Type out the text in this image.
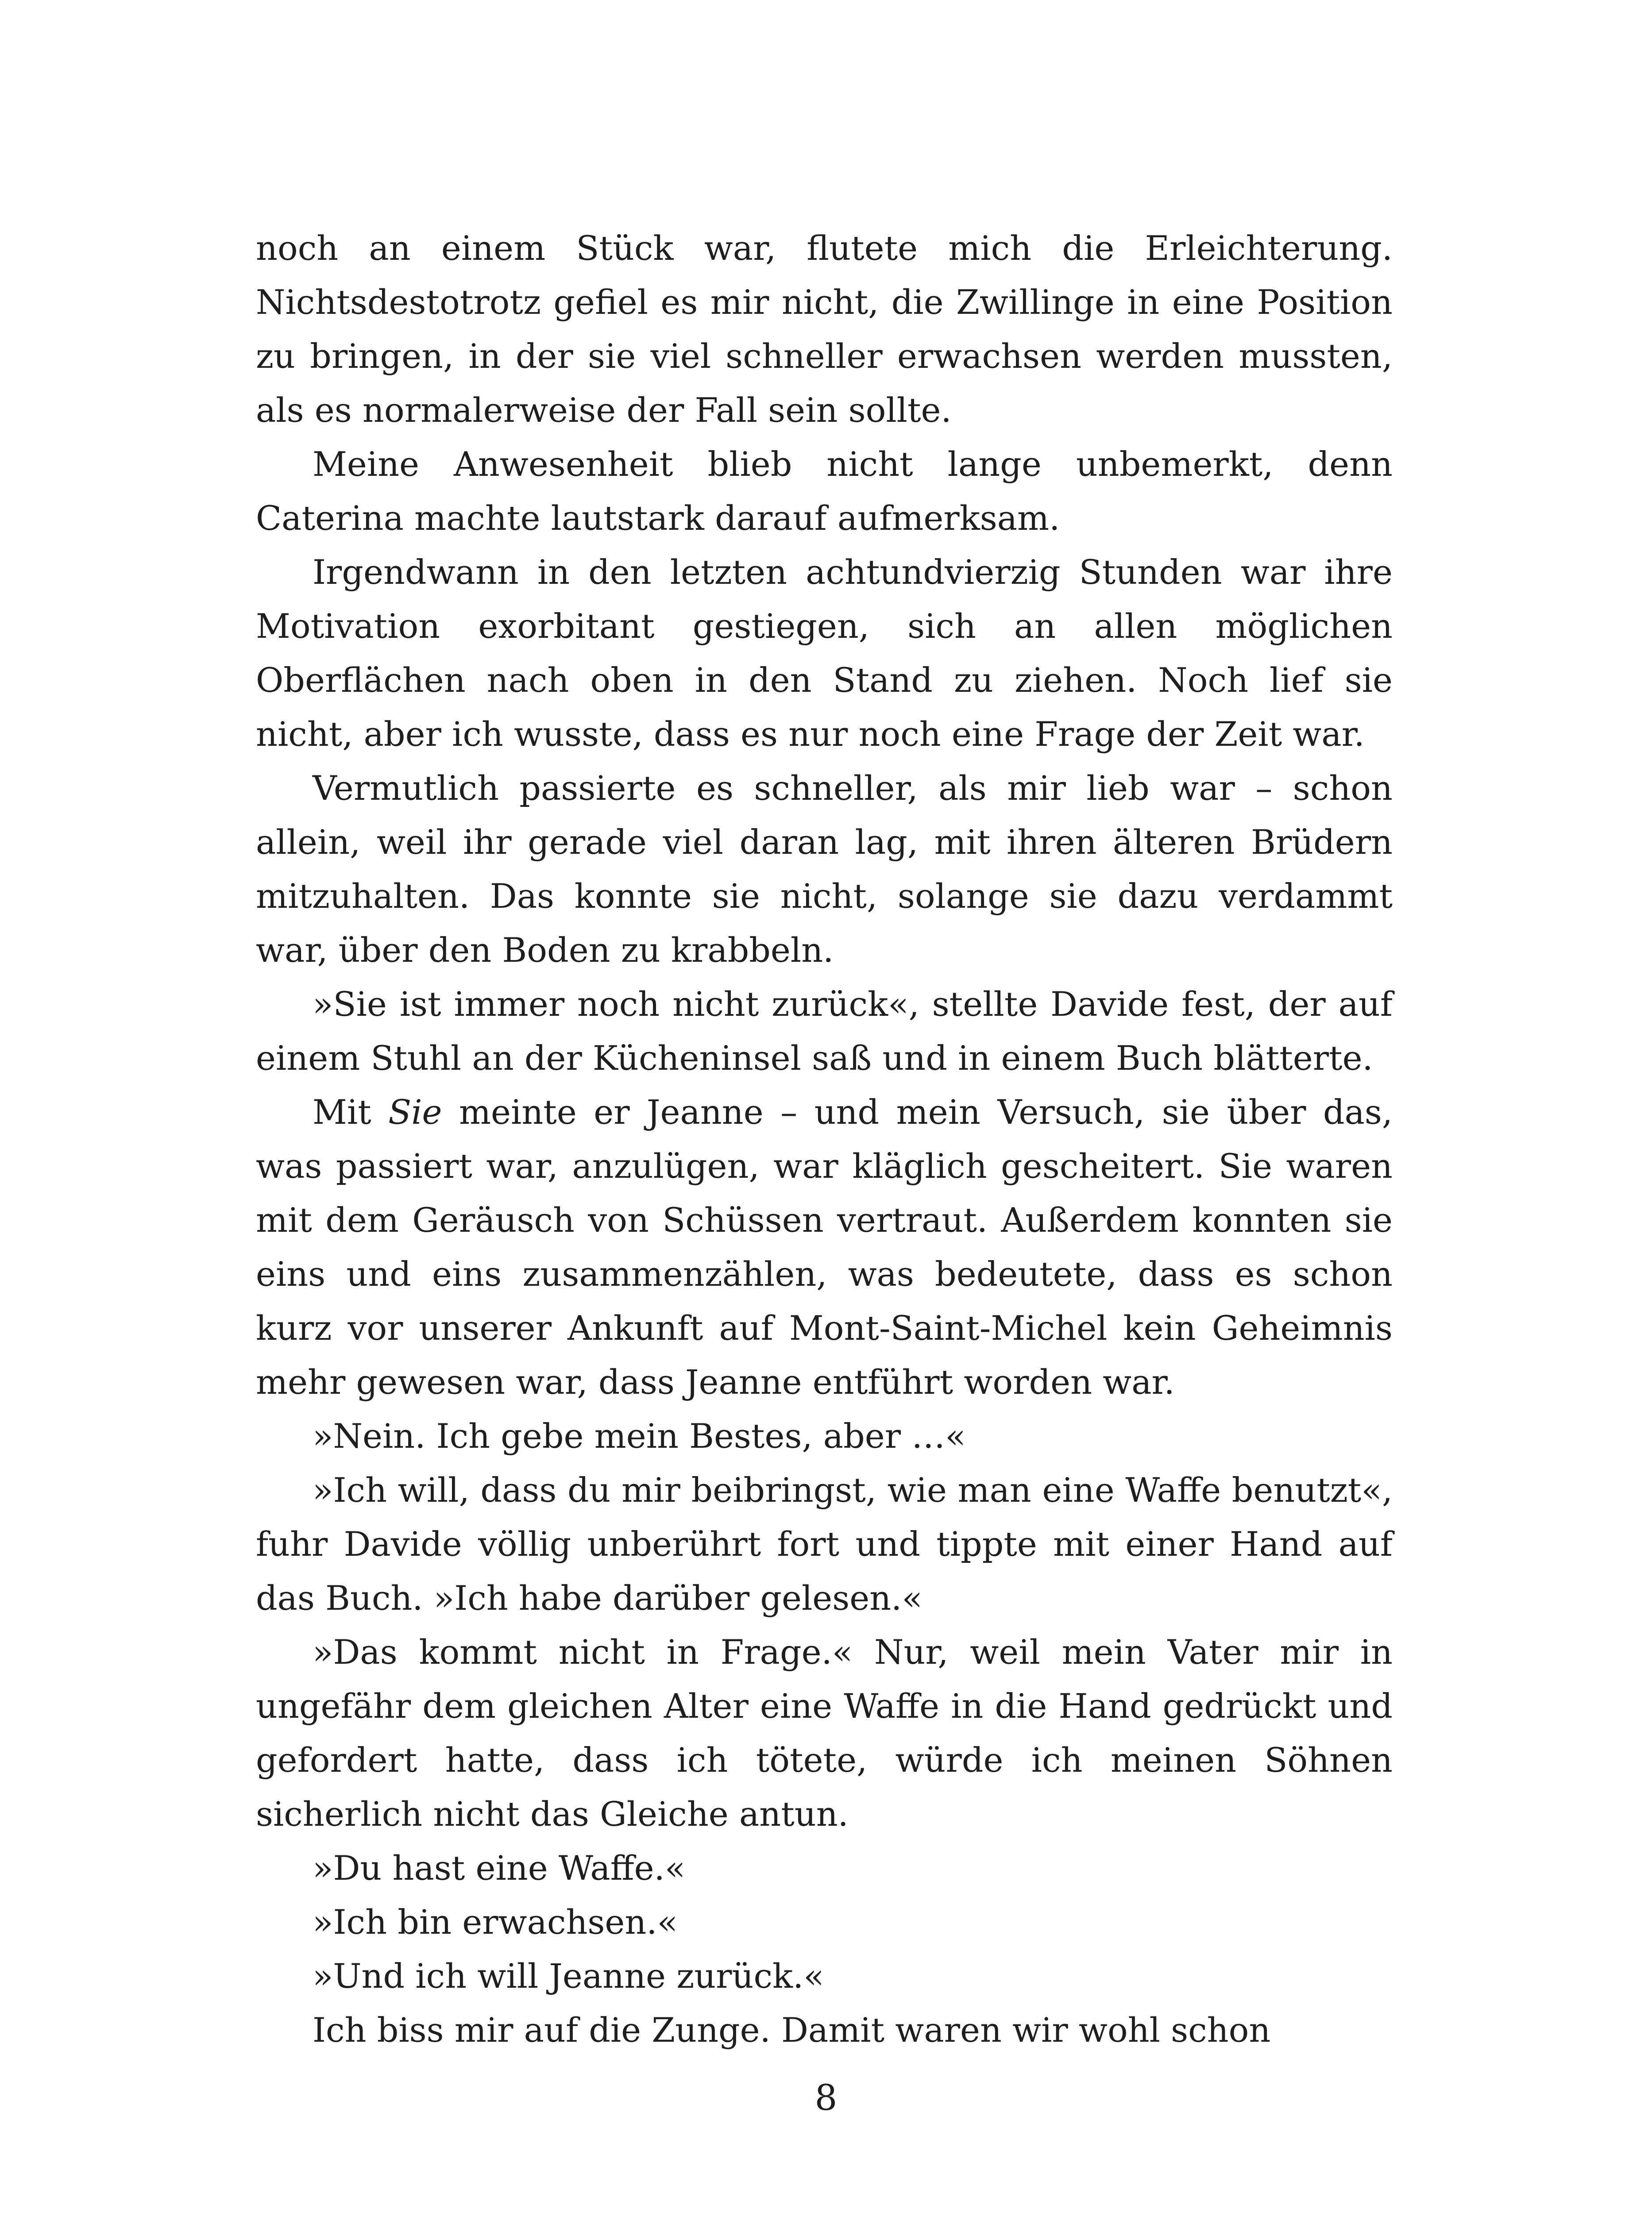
noch an einem Stück war, flutete mich die Erleichterung. Nichtsdestotrotz gefiel es mir nicht, die Zwillinge in eine Position zu bringen, in der sie viel schneller erwachsen werden mussten, als es normalerweise der Fall sein sollte.

Meine Anwesenheit blieb nicht lange unbemerkt, denn Caterina machte lautstark darauf aufmerksam.

Irgendwann in den letzten achtundvierzig Stunden war ihre Motivation exorbitant gestiegen, sich an allen möglichen Oberflächen nach oben in den Stand zu ziehen. Noch lief sie nicht, aber ich wusste, dass es nur noch eine Frage der Zeit war.

Vermutlich passierte es schneller, als mir lieb war – schon allein, weil ihr gerade viel daran lag, mit ihren älteren Brüdern mitzuhalten. Das konnte sie nicht, solange sie dazu verdammt war, über den Boden zu krabbeln.

»Sie ist immer noch nicht zurück«, stellte Davide fest, der auf einem Stuhl an der Kücheninsel saß und in einem Buch blätterte.

Mit Sie meinte er Jeanne – und mein Versuch, sie über das, was passiert war, anzulügen, war kläglich gescheitert. Sie waren mit dem Geräusch von Schüssen vertraut. Außerdem konnten sie eins und eins zusammenzählen, was bedeutete, dass es schon kurz vor unserer Ankunft auf Mont-Saint-Michel kein Geheimnis mehr gewesen war, dass Jeanne entführt worden war.

»Nein. Ich gebe mein Bestes, aber …«

»Ich will, dass du mir beibringst, wie man eine Waffe benutzt«, fuhr Davide völlig unberührt fort und tippte mit einer Hand auf das Buch. »Ich habe darüber gelesen.«

»Das kommt nicht in Frage.« Nur, weil mein Vater mir in ungefähr dem gleichen Alter eine Waffe in die Hand gedrückt und gefordert hatte, dass ich tötete, würde ich meinen Söhnen sicherlich nicht das Gleiche antun.

»Du hast eine Waffe.«

»Ich bin erwachsen.«

»Und ich will Jeanne zurück.«

Ich biss mir auf die Zunge. Damit waren wir wohl schon

8
